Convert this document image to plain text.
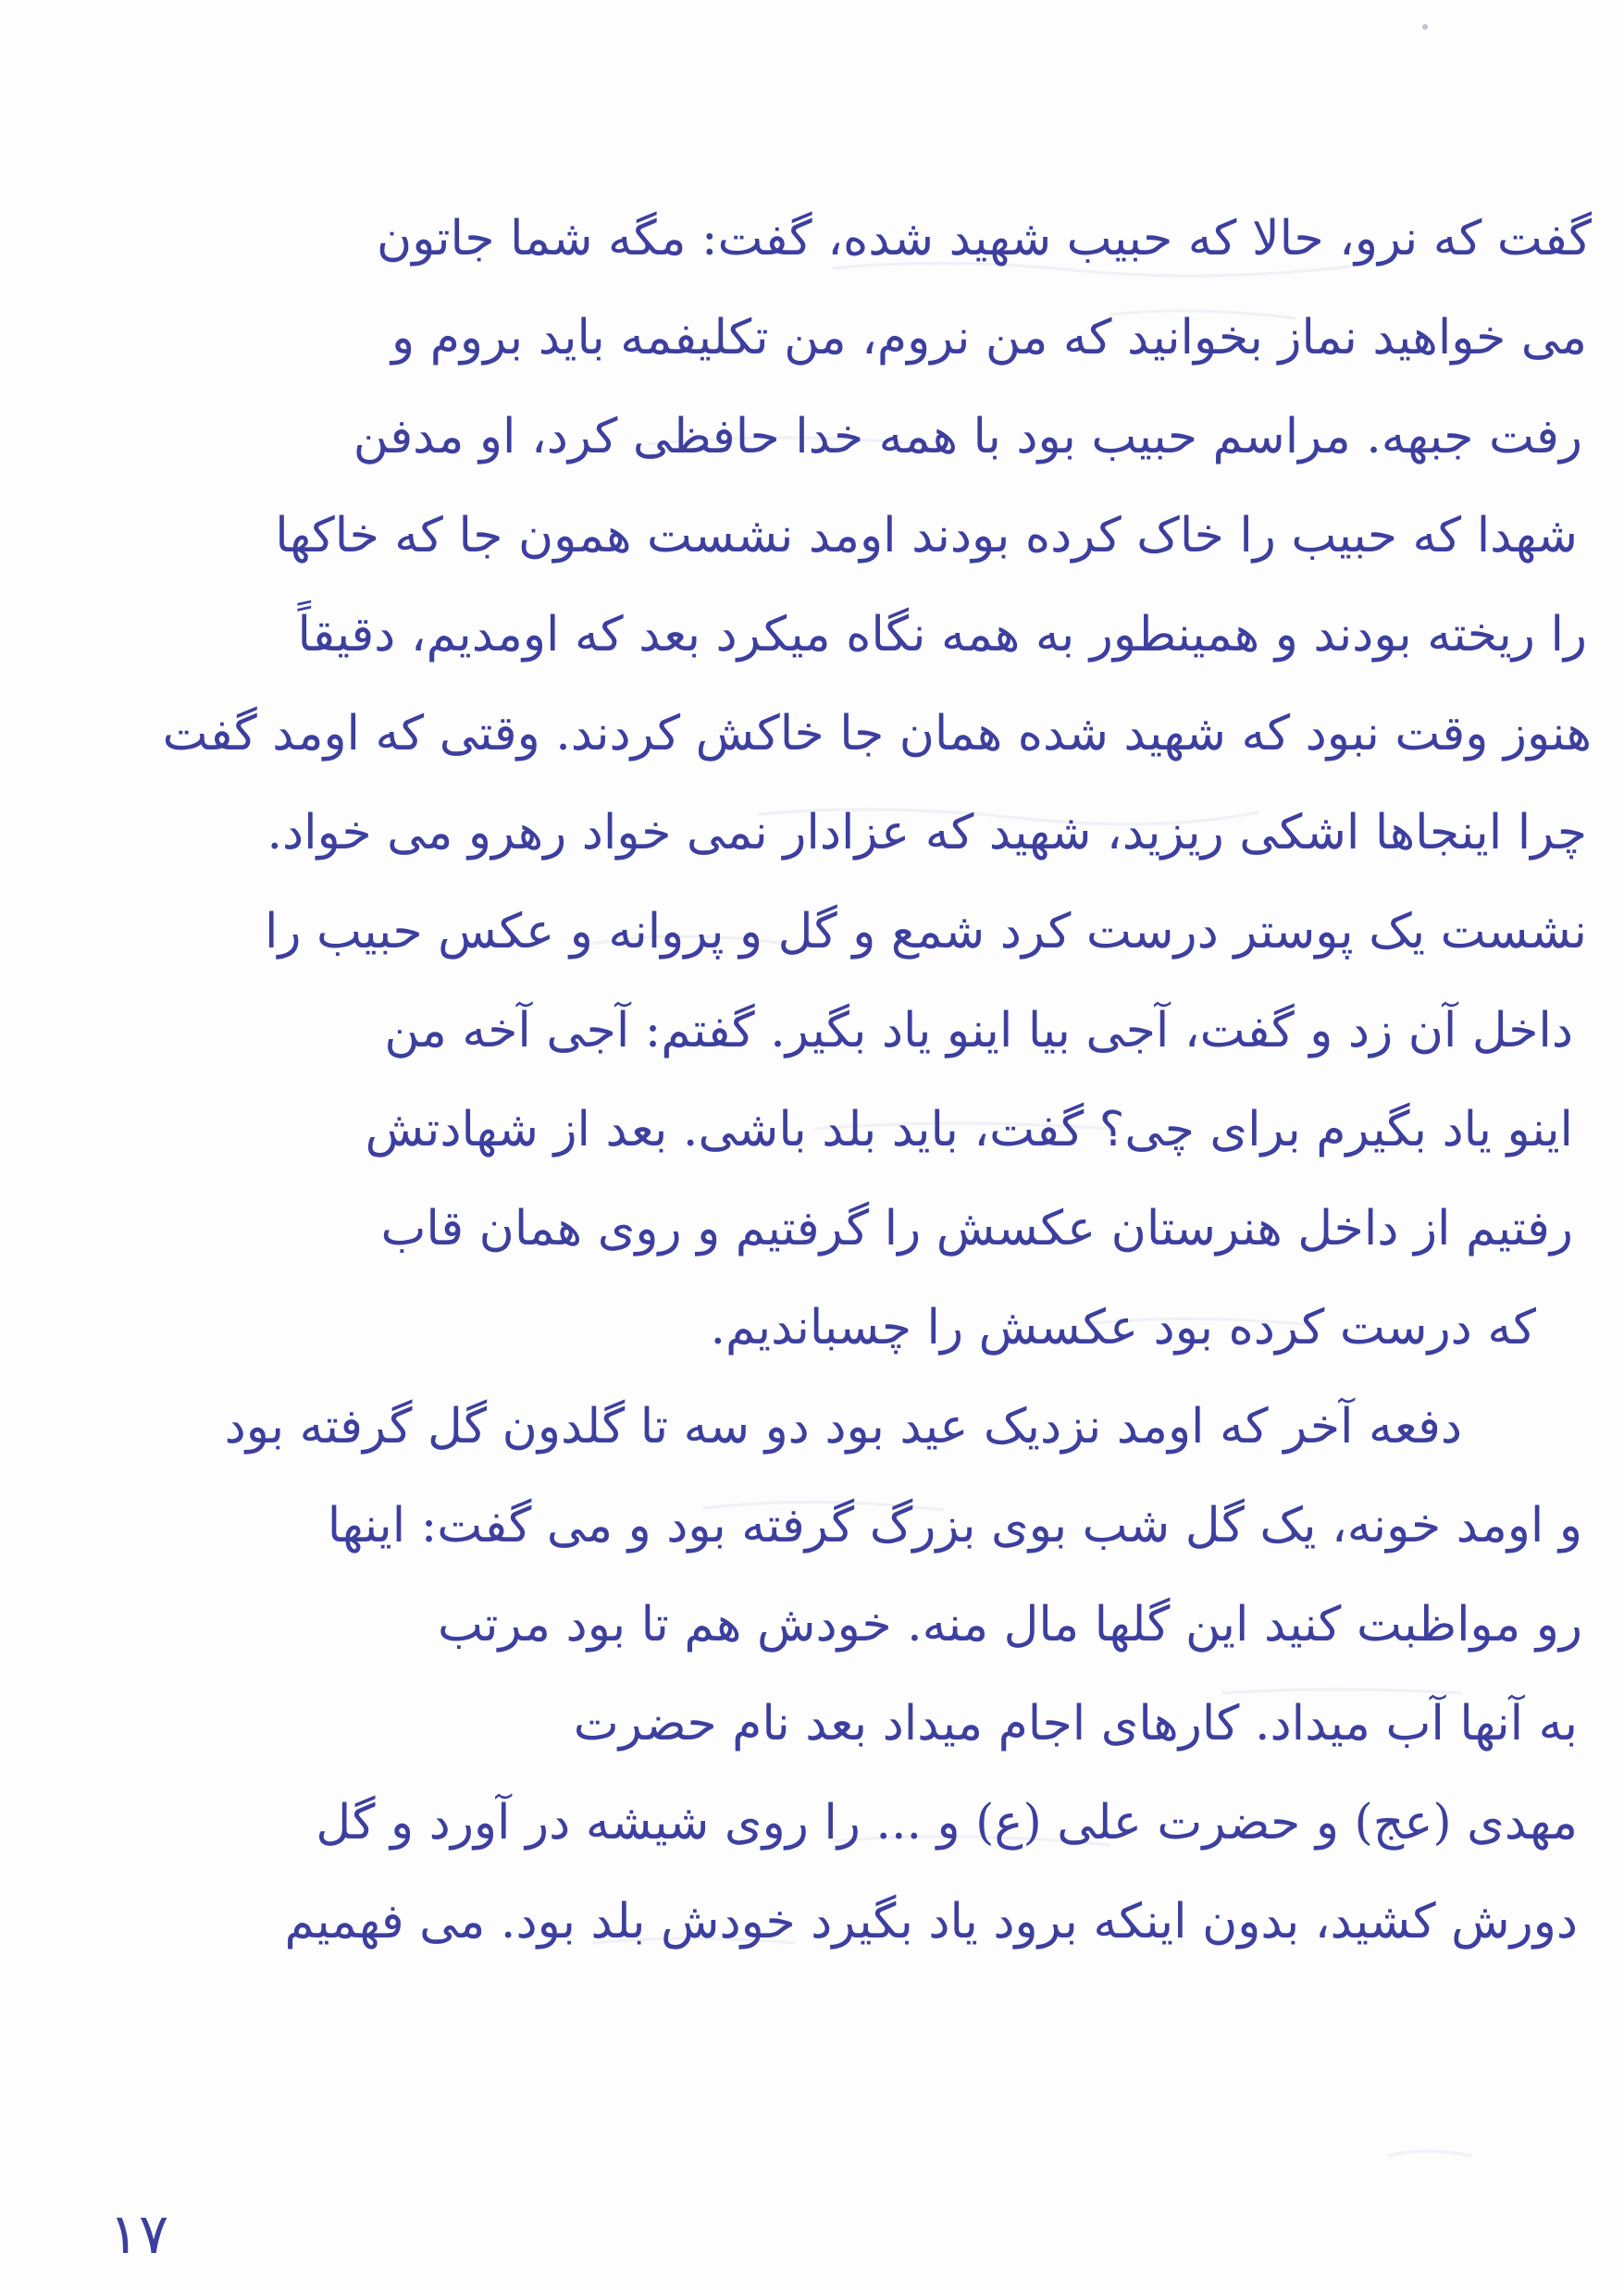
گفت که نرو، حالا که حبیب شهید شده، گفت: مگه شما جاتون
می خواهید نماز بخوانید که من نروم، من تکلیفمه باید بروم و
رفت جبهه. مراسم حبیب بود با همه خدا حافظی کرد، او مدفن
شهدا که حبیب را خاک کرده بودند اومد نشست همون جا که خاکها
را ریخته بودند و همینطور به همه نگاه میکرد بعد که اومدیم، دقیقاً
هنوز وقت نبود که شهید شده همان جا خاکش کردند. وقتی که اومد گفت
چرا اینجاها اشکی ریزید، شهید که عزادار نمی خواد رهرو می خواد.
نشست یک پوستر درست کرد شمع و گل و پروانه و عکس حبیب را
داخل آن زد و گفت، آجی بیا اینو یاد بگیر. گفتم: آجی آخه من
اینو یاد بگیرم برای چی؟ گفت، باید بلد باشی. بعد از شهادتش
رفتیم از داخل هنرستان عکسش را گرفتیم و روی همان قاب
که درست کرده بود عکسش را چسباندیم.
دفعه آخر که اومد نزدیک عید بود دو سه تا گلدون گل گرفته بود
و اومد خونه، یک گل شب بوی بزرگ گرفته بود و می گفت: اینها
رو مواظبت کنید این گلها مال منه. خودش هم تا بود مرتب
به آنها آب میداد. کارهای اجام میداد بعد نام حضرت
مهدی (عج) و حضرت علی (ع) و ... را روی شیشه در آورد و گل
دورش کشید، بدون اینکه برود یاد بگیرد خودش بلد بود. می فهمیم
۱۷
